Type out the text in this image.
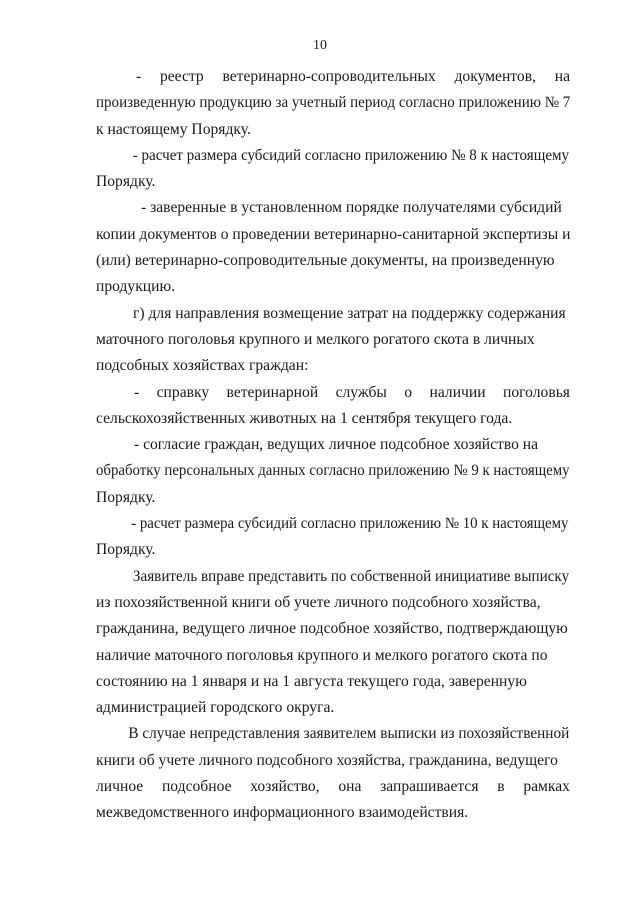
10
- реестр ветеринарно-сопроводительных документов, на
произведенную продукцию за учетный период согласно приложению № 7
к настоящему Порядку.
- расчет размера субсидий согласно приложению № 8 к настоящему
Порядку.
- заверенные в установленном порядке получателями субсидий
копии документов о проведении ветеринарно-санитарной экспертизы и
(или) ветеринарно-сопроводительные документы, на произведенную
продукцию.
г) для направления возмещение затрат на поддержку содержания
маточного поголовья крупного и мелкого рогатого скота в личных
подсобных хозяйствах граждан:
- справку ветеринарной службы о наличии поголовья
сельскохозяйственных животных на 1 сентября текущего года.
- согласие граждан, ведущих личное подсобное хозяйство на
обработку персональных данных согласно приложению № 9 к настоящему
Порядку.
- расчет размера субсидий согласно приложению № 10 к настоящему
Порядку.
Заявитель вправе представить по собственной инициативе выписку
из похозяйственной книги об учете личного подсобного хозяйства,
гражданина, ведущего личное подсобное хозяйство, подтверждающую
наличие маточного поголовья крупного и мелкого рогатого скота по
состоянию на 1 января и на 1 августа текущего года, заверенную
администрацией городского округа.
В случае непредставления заявителем выписки из похозяйственной
книги об учете личного подсобного хозяйства, гражданина, ведущего
личное подсобное хозяйство, она запрашивается в рамках
межведомственного информационного взаимодействия.
